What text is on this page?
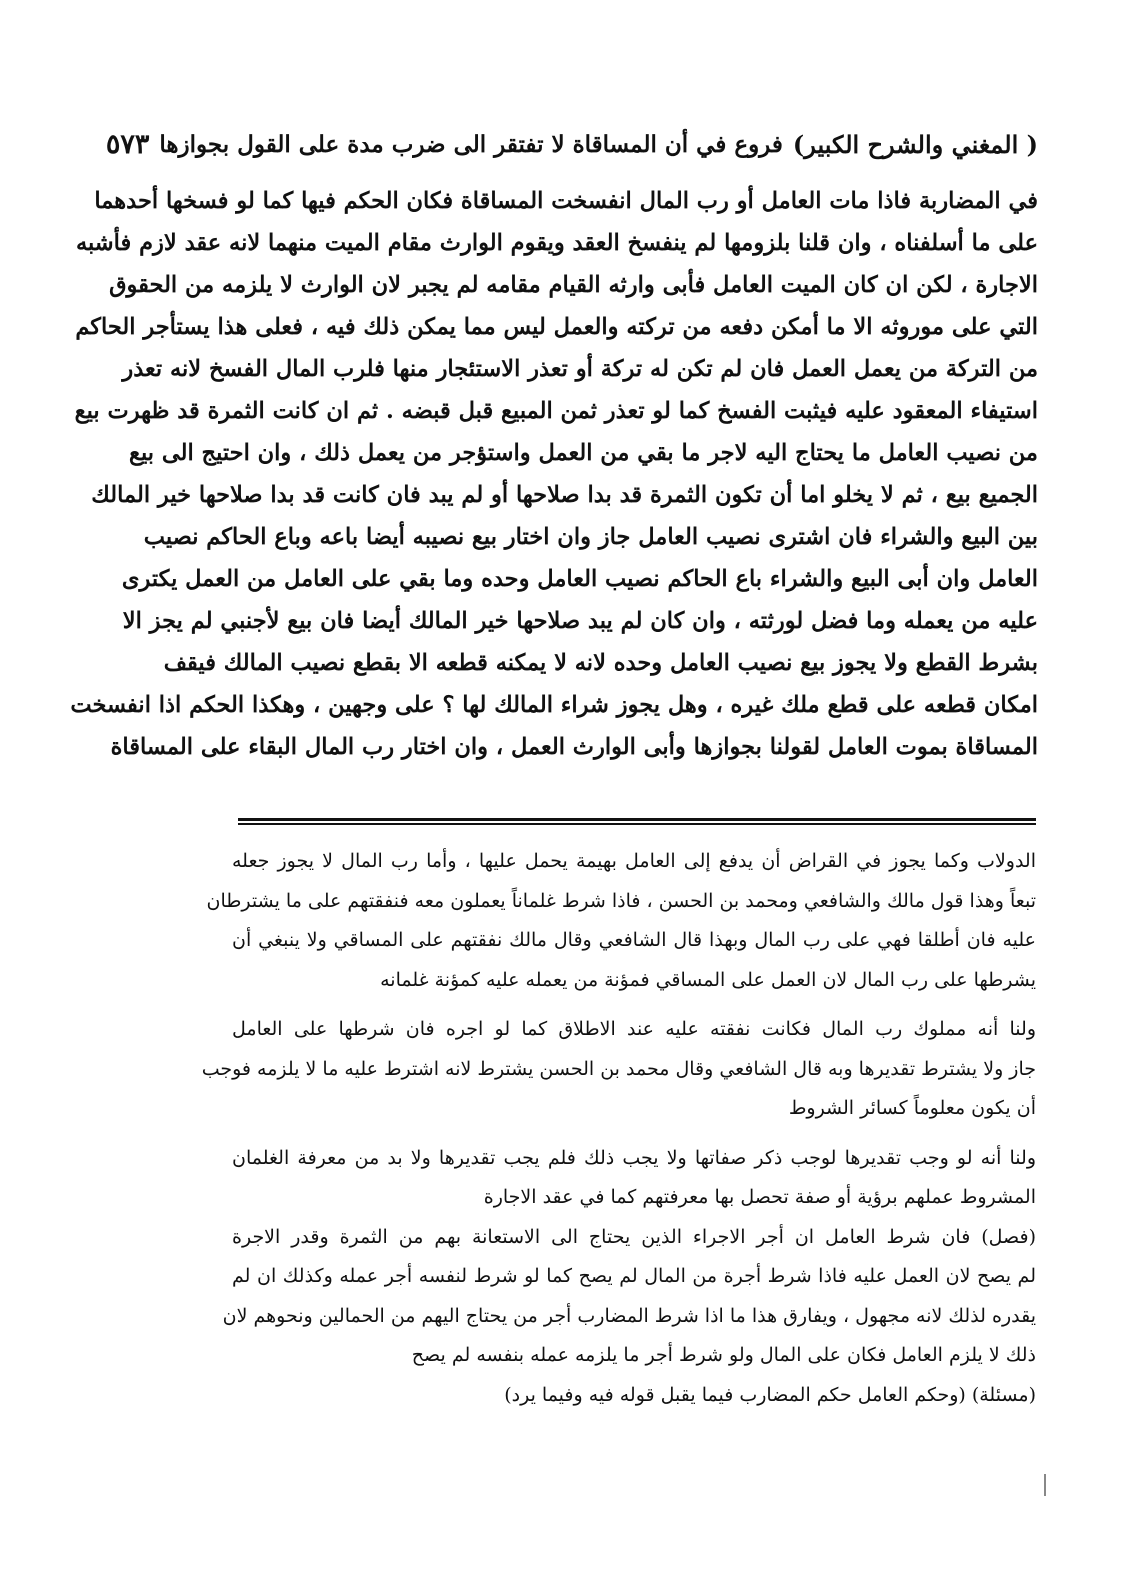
( المغني والشرح الكبير)
فروع في أن المساقاة لا تفتقر الى ضرب مدة على القول بجوازها
٥٧٣
في المضاربة فاذا مات العامل أو رب المال انفسخت المساقاة فكان الحكم فيها كما لو فسخها أحدهما
على ما أسلفناه ، وان قلنا بلزومها لم ينفسخ العقد ويقوم الوارث مقام الميت منهما لانه عقد لازم فأشبه
الاجارة ، لكن ان كان الميت العامل فأبى وارثه القيام مقامه لم يجبر لان الوارث لا يلزمه من الحقوق
التي على موروثه الا ما أمكن دفعه من تركته والعمل ليس مما يمكن ذلك فيه ، فعلى هذا يستأجر الحاكم
من التركة من يعمل العمل فان لم تكن له تركة أو تعذر الاستئجار منها فلرب المال الفسخ لانه تعذر
استيفاء المعقود عليه فيثبت الفسخ كما لو تعذر ثمن المبيع قبل قبضه . ثم ان كانت الثمرة قد ظهرت بيع
من نصيب العامل ما يحتاج اليه لاجر ما بقي من العمل واستؤجر من يعمل ذلك ، وان احتيج الى بيع
الجميع بيع ، ثم لا يخلو اما أن تكون الثمرة قد بدا صلاحها أو لم يبد فان كانت قد بدا صلاحها خير المالك
بين البيع والشراء فان اشترى نصيب العامل جاز وان اختار بيع نصيبه أيضا باعه وباع الحاكم نصيب
العامل وان أبى البيع والشراء باع الحاكم نصيب العامل وحده وما بقي على العامل من العمل يكترى
عليه من يعمله وما فضل لورثته ، وان كان لم يبد صلاحها خير المالك أيضا فان بيع لأجنبي لم يجز الا
بشرط القطع ولا يجوز بيع نصيب العامل وحده لانه لا يمكنه قطعه الا بقطع نصيب المالك فيقف
امكان قطعه على قطع ملك غيره ، وهل يجوز شراء المالك لها ؟ على وجهين ، وهكذا الحكم اذا انفسخت
المساقاة بموت العامل لقولنا بجوازها وأبى الوارث العمل ، وان اختار رب المال البقاء على المساقاة
الدولاب وكما يجوز في القراض أن يدفع إلى العامل بهيمة يحمل عليها ، وأما رب المال لا يجوز جعله
تبعاً وهذا قول مالك والشافعي ومحمد بن الحسن ، فاذا شرط غلماناً يعملون معه فنفقتهم على ما يشترطان
عليه فان أطلقا فهي على رب المال وبهذا قال الشافعي وقال مالك نفقتهم على المساقي ولا ينبغي أن
يشرطها على رب المال لان العمل على المساقي فمؤنة من يعمله عليه كمؤنة غلمانه
ولنا أنه مملوك رب المال فكانت نفقته عليه عند الاطلاق كما لو اجره فان شرطها على العامل
جاز ولا يشترط تقديرها وبه قال الشافعي وقال محمد بن الحسن يشترط لانه اشترط عليه ما لا يلزمه فوجب
أن يكون معلوماً كسائر الشروط
ولنا أنه لو وجب تقديرها لوجب ذكر صفاتها ولا يجب ذلك فلم يجب تقديرها ولا بد من معرفة الغلمان
المشروط عملهم برؤية أو صفة تحصل بها معرفتهم كما في عقد الاجارة
(فصل) فان شرط العامل ان أجر الاجراء الذين يحتاج الى الاستعانة بهم من الثمرة وقدر الاجرة
لم يصح لان العمل عليه فاذا شرط أجرة من المال لم يصح كما لو شرط لنفسه أجر عمله وكذلك ان لم
يقدره لذلك لانه مجهول ، ويفارق هذا ما اذا شرط المضارب أجر من يحتاج اليهم من الحمالين ونحوهم لان
ذلك لا يلزم العامل فكان على المال ولو شرط أجر ما يلزمه عمله بنفسه لم يصح
(مسئلة) (وحكم العامل حكم المضارب فيما يقبل قوله فيه وفيما يرد)
